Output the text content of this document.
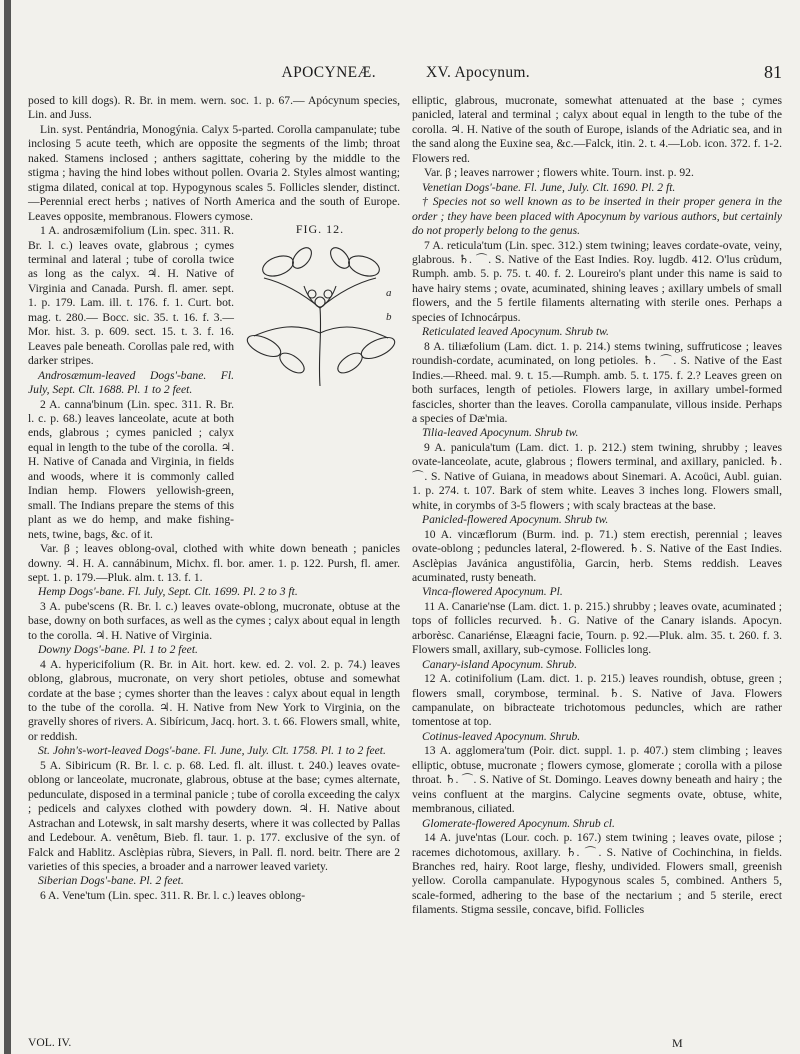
APOCYNEÆ.	XV. Apocynum.	81

posed to kill dogs). R. Br. in mem. wern. soc. 1. p. 67.— Apócynum species, Lin. and Juss.

Lin. syst. Pentándria, Monogýnia. Calyx 5-parted. Corolla campanulate; tube inclosing 5 acute teeth, which are opposite the segments of the limb; throat naked. Stamens inclosed ; anthers sagittate, cohering by the middle to the stigma ; having the hind lobes without pollen. Ovaria 2. Styles almost wanting; stigma dilated, conical at top. Hypogynous scales 5. Follicles slender, distinct.—Perennial erect herbs ; natives of North America and the south of Europe. Leaves opposite, membranous. Flowers cymose.

FIG. 12.
a
b

1 A. androsæmifolium (Lin. spec. 311. R. Br. l. c.) leaves ovate, glabrous ; cymes terminal and lateral ; tube of corolla twice as long as the calyx. ♃. H. Native of Virginia and Canada. Pursh. fl. amer. sept. 1. p. 179. Lam. ill. t. 176. f. 1. Curt. bot. mag. t. 280.— Bocc. sic. 35. t. 16. f. 3.— Mor. hist. 3. p. 609. sect. 15. t. 3. f. 16. Leaves pale beneath. Corollas pale red, with darker stripes.

Androsæmum-leaved Dogs'-bane. Fl. July, Sept. Clt. 1688. Pl. 1 to 2 feet.

2 A. canna'binum (Lin. spec. 311. R. Br. l. c. p. 68.) leaves lanceolate, acute at both ends, glabrous ; cymes panicled ; calyx equal in length to the tube of the corolla. ♃. H. Native of Canada and Virginia, in fields and woods, where it is commonly called Indian hemp. Flowers yellowish-green, small. The Indians prepare the stems of this plant as we do hemp, and make fishing-nets, twine, bags, &c. of it.

Var. β ; leaves oblong-oval, clothed with white down beneath ; panicles downy. ♃. H. A. cannábinum, Michx. fl. bor. amer. 1. p. 122. Pursh, fl. amer. sept. 1. p. 179.—Pluk. alm. t. 13. f. 1.

Hemp Dogs'-bane. Fl. July, Sept. Clt. 1699. Pl. 2 to 3 ft.

3 A. pube'scens (R. Br. l. c.) leaves ovate-oblong, mucronate, obtuse at the base, downy on both surfaces, as well as the cymes ; calyx about equal in length to the corolla. ♃. H. Native of Virginia.

Downy Dogs'-bane. Pl. 1 to 2 feet.

4 A. hypericifolium (R. Br. in Ait. hort. kew. ed. 2. vol. 2. p. 74.) leaves oblong, glabrous, mucronate, on very short petioles, obtuse and somewhat cordate at the base ; cymes shorter than the leaves : calyx about equal in length to the tube of the corolla. ♃. H. Native from New York to Virginia, on the gravelly shores of rivers. A. Sibíricum, Jacq. hort. 3. t. 66. Flowers small, white, or reddish.

St. John's-wort-leaved Dogs'-bane. Fl. June, July. Clt. 1758. Pl. 1 to 2 feet.

5 A. Sibiricum (R. Br. l. c. p. 68. Led. fl. alt. illust. t. 240.) leaves ovate-oblong or lanceolate, mucronate, glabrous, obtuse at the base; cymes alternate, pedunculate, disposed in a terminal panicle ; tube of corolla exceeding the calyx ; pedicels and calyxes clothed with powdery down. ♃. H. Native about Astrachan and Lotewsk, in salt marshy deserts, where it was collected by Pallas and Ledebour. A. venêtum, Bieb. fl. taur. 1. p. 177. exclusive of the syn. of Falck and Hablitz. Asclèpias rùbra, Sievers, in Pall. fl. nord. beitr. There are 2 varieties of this species, a broader and a narrower leaved variety.

Siberian Dogs'-bane. Pl. 2 feet.

6 A. Vene'tum (Lin. spec. 311. R. Br. l. c.) leaves oblong-

elliptic, glabrous, mucronate, somewhat attenuated at the base ; cymes panicled, lateral and terminal ; calyx about equal in length to the tube of the corolla. ♃. H. Native of the south of Europe, islands of the Adriatic sea, and in the sand along the Euxine sea, &c.—Falck, itin. 2. t. 4.—Lob. icon. 372. f. 1-2. Flowers red.

Var. β ; leaves narrower ; flowers white. Tourn. inst. p. 92.

Venetian Dogs'-bane. Fl. June, July. Clt. 1690. Pl. 2 ft.

† Species not so well known as to be inserted in their proper genera in the order ; they have been placed with Apocynum by various authors, but certainly do not properly belong to the genus.

7 A. reticula'tum (Lin. spec. 312.) stem twining; leaves cordate-ovate, veiny, glabrous. ♄. ⌒. S. Native of the East Indies. Roy. lugdb. 412. O'lus crùdum, Rumph. amb. 5. p. 75. t. 40. f. 2. Loureiro's plant under this name is said to have hairy stems ; ovate, acuminated, shining leaves ; axillary umbels of small flowers, and the 5 fertile filaments alternating with sterile ones. Perhaps a species of Ichnocárpus.

Reticulated leaved Apocynum. Shrub tw.

8 A. tiliæfolium (Lam. dict. 1. p. 214.) stems twining, suffruticose ; leaves roundish-cordate, acuminated, on long petioles. ♄. ⌒. S. Native of the East Indies.—Rheed. mal. 9. t. 15.—Rumph. amb. 5. t. 175. f. 2.? Leaves green on both surfaces, length of petioles. Flowers large, in axillary umbel-formed fascicles, shorter than the leaves. Corolla campanulate, villous inside. Perhaps a species of Dæ'mia.

Tilia-leaved Apocynum. Shrub tw.

9 A. panicula'tum (Lam. dict. 1. p. 212.) stem twining, shrubby ; leaves ovate-lanceolate, acute, glabrous ; flowers terminal, and axillary, panicled. ♄. ⌒. S. Native of Guiana, in meadows about Sinemari. A. Acoüci, Aubl. guian. 1. p. 274. t. 107. Bark of stem white. Leaves 3 inches long. Flowers small, white, in corymbs of 3-5 flowers ; with scaly bracteas at the base.

Panicled-flowered Apocynum. Shrub tw.

10 A. vincæflorum (Burm. ind. p. 71.) stem erectish, perennial ; leaves ovate-oblong ; peduncles lateral, 2-flowered. ♄. S. Native of the East Indies. Asclèpias Javánica angustifòlia, Garcin, herb. Stems reddish. Leaves acuminated, rusty beneath.

Vinca-flowered Apocynum. Pl.

11 A. Canarie'nse (Lam. dict. 1. p. 215.) shrubby ; leaves ovate, acuminated ; tops of follicles recurved. ♄. G. Native of the Canary islands. Apocyn. arborèsc. Canariénse, Elæagni facie, Tourn. p. 92.—Pluk. alm. 35. t. 260. f. 3. Flowers small, axillary, sub-cymose. Follicles long.

Canary-island Apocynum. Shrub.

12 A. cotinifolium (Lam. dict. 1. p. 215.) leaves roundish, obtuse, green ; flowers small, corymbose, terminal. ♄. S. Native of Java. Flowers campanulate, on bibracteate trichotomous peduncles, which are rather tomentose at top.

Cotinus-leaved Apocynum. Shrub.

13 A. agglomera'tum (Poir. dict. suppl. 1. p. 407.) stem climbing ; leaves elliptic, obtuse, mucronate ; flowers cymose, glomerate ; corolla with a pilose throat. ♄. ⌒. S. Native of St. Domingo. Leaves downy beneath and hairy ; the veins confluent at the margins. Calycine segments ovate, obtuse, white, membranous, ciliated.

Glomerate-flowered Apocynum. Shrub cl.

14 A. juve'ntas (Lour. coch. p. 167.) stem twining ; leaves ovate, pilose ; racemes dichotomous, axillary. ♄. ⌒. S. Native of Cochinchina, in fields. Branches red, hairy. Root large, fleshy, undivided. Flowers small, greenish yellow. Corolla campanulate. Hypogynous scales 5, combined. Anthers 5, scale-formed, adhering to the base of the nectarium ; and 5 sterile, erect filaments. Stigma sessile, concave, bifid. Follicles

VOL. IV.	M
